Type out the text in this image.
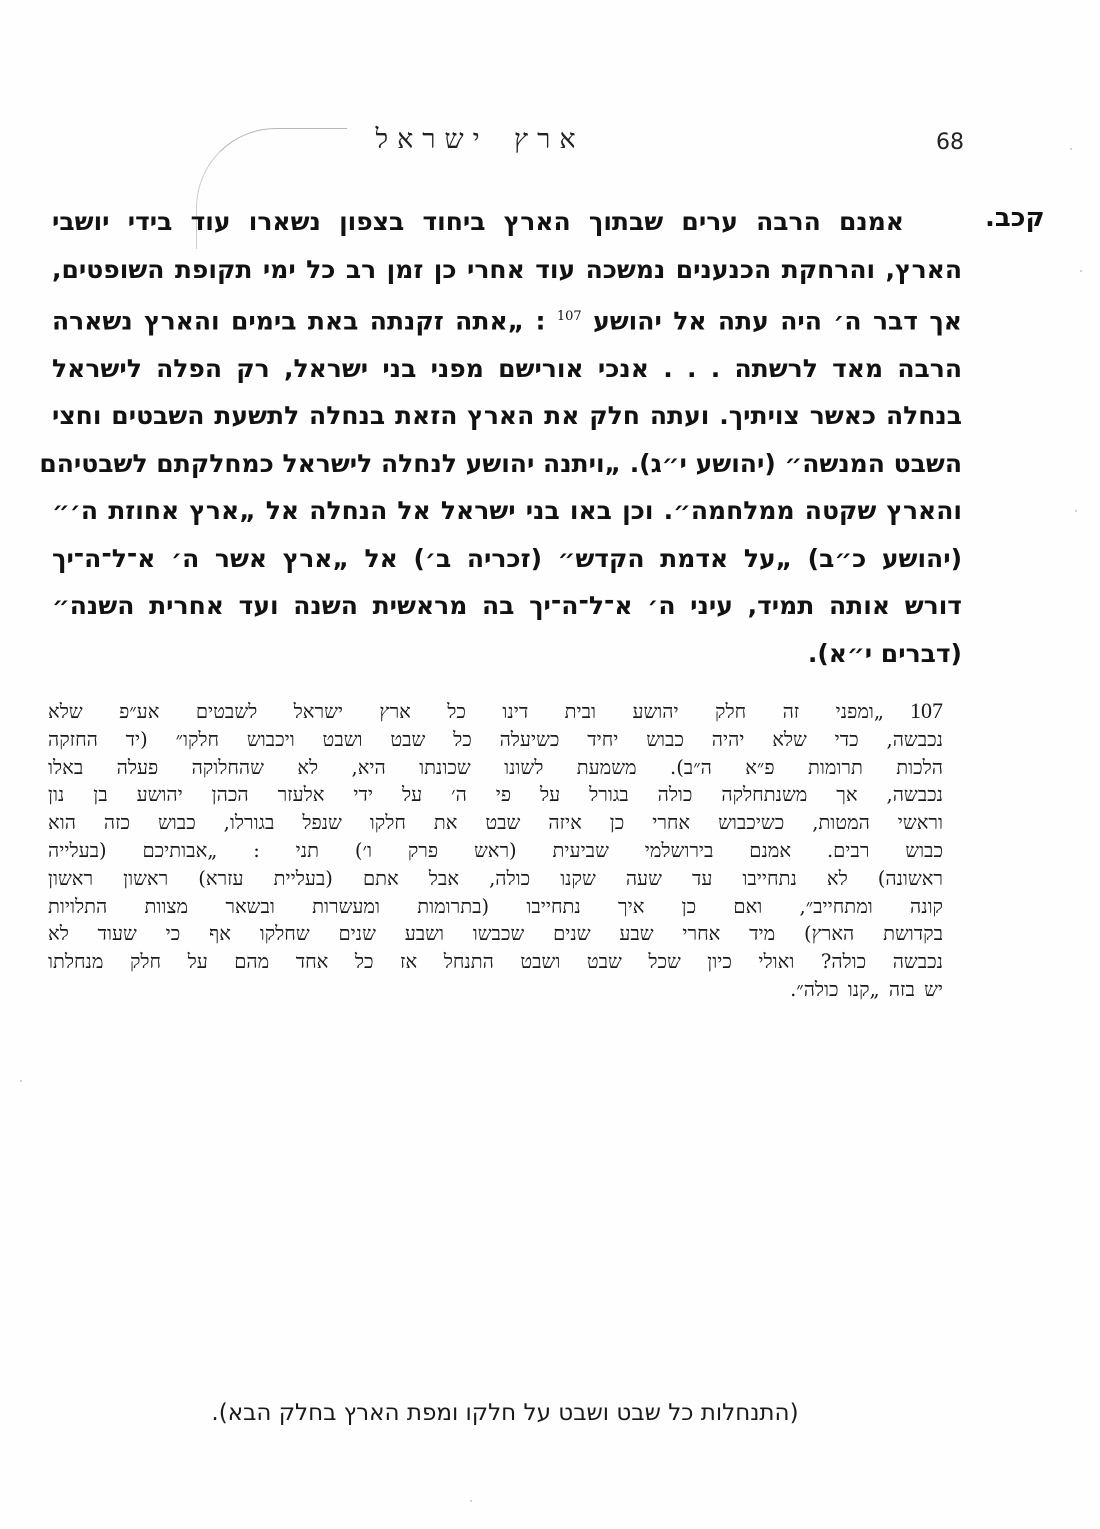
ארץ ישראל	68
קכב.
אמנם הרבה ערים שבתוך הארץ ביחוד בצפון נשארו עוד בידי יושבי
הארץ, והרחקת הכנענים נמשכה עוד אחרי כן זמן רב כל ימי תקופת השופטים,
אך דבר ה׳ היה עתה אל יהושע $^{107}$ : „אתה זקנתה באת בימים והארץ נשארה
הרבה מאד לרשתה . . . אנכי אורישם מפני בני ישראל, רק הפלה לישראל
בנחלה כאשר צויתיך. ועתה חלק את הארץ הזאת בנחלה לתשעת השבטים וחצי
השבט המנשה״ (יהושע י״ג). „ויתנה יהושע לנחלה לישראל כמחלקתם לשבטיהם
והארץ שקטה ממלחמה״. וכן באו בני ישראל אל הנחלה אל „ארץ אחוזת ה׳״
(יהושע כ״ב) „על אדמת הקדש״ (זכריה ב׳) אל „ארץ אשר ה׳ א־ל־ה־יך
דורש אותה תמיד, עיני ה׳ א־ל־ה־יך בה מראשית השנה ועד אחרית השנה״
(דברים י״א).
107„ומפני זה חלק יהושע ובית דינו כל ארץ ישראל לשבטים אע״פ שלא
נכבשה, כדי שלא יהיה כבוש יחיד כשיעלה כל שבט ושבט ויכבוש חלקו״ (יד החזקה
הלכות תרומות פ״א ה״ב). משמעת לשונו שכונתו היא, לא שהחלוקה פעלה באלו
נכבשה, אך משנתחלקה כולה בגורל על פי ה׳ על ידי אלעזר הכהן יהושע בן נון
וראשי המטות, כשיכבוש אחרי כן איזה שבט את חלקו שנפל בגורלו, כבוש כזה הוא
כבוש רבים. אמנם בירושלמי שביעית (ראש פרק ו׳) תני : „אבותיכם (בעלייה
ראשונה) לא נתחייבו עד שעה שקנו כולה, אבל אתם (בעליית עזרא) ראשון ראשון
קונה ומתחייב״, ואם כן איך נתחייבו (בתרומות ומעשרות ובשאר מצוות התלויות
בקדושת הארץ) מיד אחרי שבע שנים שכבשו ושבע שנים שחלקו אף כי שעוד לא
נכבשה כולה? ואולי כיון שכל שבט ושבט התנחל אז כל אחד מהם על חלק מנחלתו
יש בזה „קנו כולה״.
(התנחלות כל שבט ושבט על חלקו ומפת הארץ בחלק הבא).
